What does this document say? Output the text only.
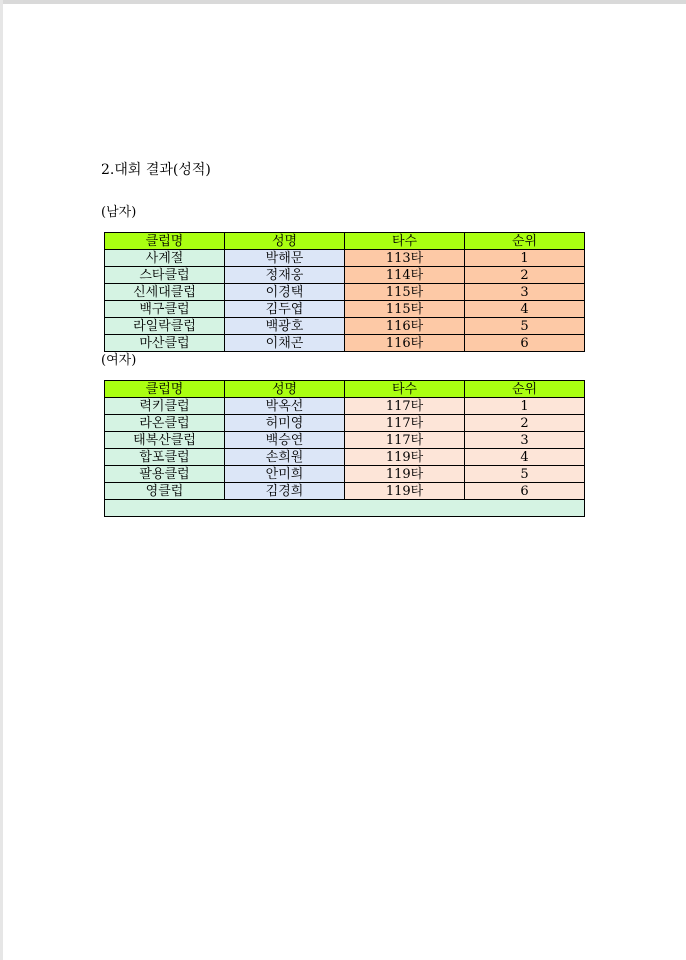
2.대회 결과(성적)
(남자)
클럽명	성명	타수	순위
사계절	박해문	113타	1
스타클럽	정재웅	114타	2
신세대클럽	이경택	115타	3
백구클럽	김두엽	115타	4
라일락클럽	백광호	116타	5
마산클럽	이채곤	116타	6
(여자)
클럽명	성명	타수	순위
력키클럽	박옥선	117타	1
라온클럽	허미영	117타	2
태복산클럽	백승연	117타	3
합포클럽	손희원	119타	4
팔용클럽	안미희	119타	5
영클럽	김경희	119타	6
